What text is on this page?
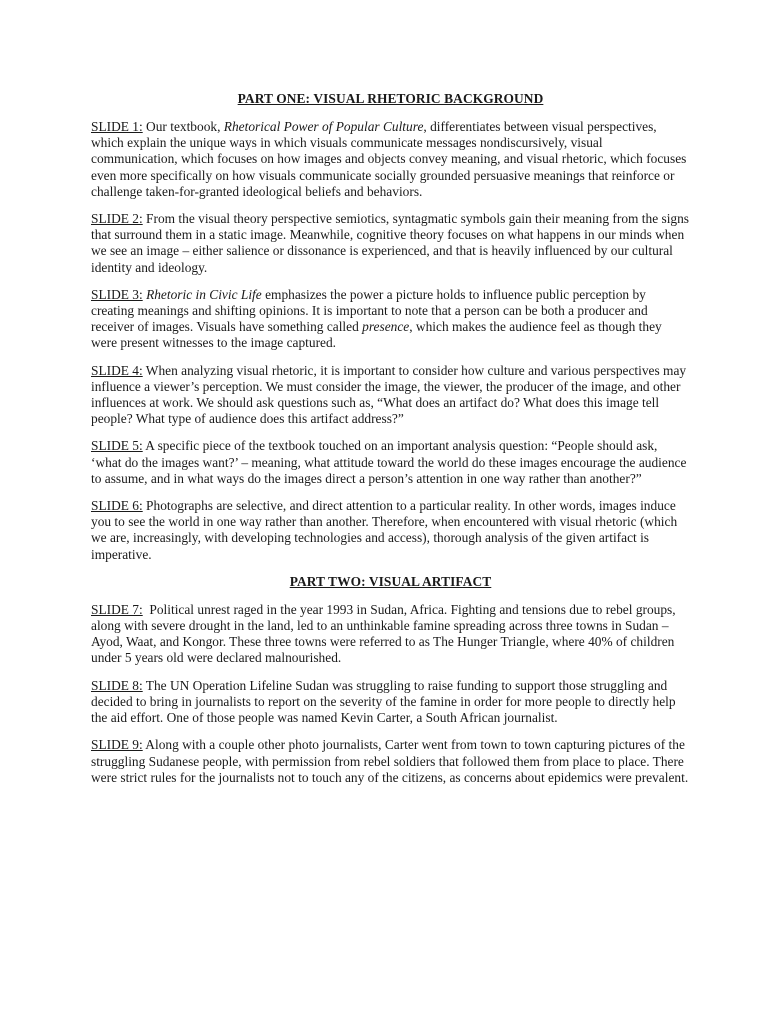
PART ONE: VISUAL RHETORIC BACKGROUND

SLIDE 1: Our textbook, Rhetorical Power of Popular Culture, differentiates between visual perspectives, which explain the unique ways in which visuals communicate messages nondiscursively, visual communication, which focuses on how images and objects convey meaning, and visual rhetoric, which focuses even more specifically on how visuals communicate socially grounded persuasive meanings that reinforce or challenge taken-for-granted ideological beliefs and behaviors.

SLIDE 2: From the visual theory perspective semiotics, syntagmatic symbols gain their meaning from the signs that surround them in a static image. Meanwhile, cognitive theory focuses on what happens in our minds when we see an image – either salience or dissonance is experienced, and that is heavily influenced by our cultural identity and ideology.

SLIDE 3: Rhetoric in Civic Life emphasizes the power a picture holds to influence public perception by creating meanings and shifting opinions. It is important to note that a person can be both a producer and receiver of images. Visuals have something called presence, which makes the audience feel as though they were present witnesses to the image captured.

SLIDE 4: When analyzing visual rhetoric, it is important to consider how culture and various perspectives may influence a viewer’s perception. We must consider the image, the viewer, the producer of the image, and other influences at work. We should ask questions such as, “What does an artifact do? What does this image tell people? What type of audience does this artifact address?”

SLIDE 5: A specific piece of the textbook touched on an important analysis question: “People should ask, ‘what do the images want?’ – meaning, what attitude toward the world do these images encourage the audience to assume, and in what ways do the images direct a person’s attention in one way rather than another?”

SLIDE 6: Photographs are selective, and direct attention to a particular reality. In other words, images induce you to see the world in one way rather than another. Therefore, when encountered with visual rhetoric (which we are, increasingly, with developing technologies and access), thorough analysis of the given artifact is imperative.

PART TWO: VISUAL ARTIFACT

SLIDE 7:  Political unrest raged in the year 1993 in Sudan, Africa. Fighting and tensions due to rebel groups, along with severe drought in the land, led to an unthinkable famine spreading across three towns in Sudan – Ayod, Waat, and Kongor. These three towns were referred to as The Hunger Triangle, where 40% of children under 5 years old were declared malnourished.

SLIDE 8: The UN Operation Lifeline Sudan was struggling to raise funding to support those struggling and decided to bring in journalists to report on the severity of the famine in order for more people to directly help the aid effort. One of those people was named Kevin Carter, a South African journalist.

SLIDE 9: Along with a couple other photo journalists, Carter went from town to town capturing pictures of the struggling Sudanese people, with permission from rebel soldiers that followed them from place to place. There were strict rules for the journalists not to touch any of the citizens, as concerns about epidemics were prevalent.
